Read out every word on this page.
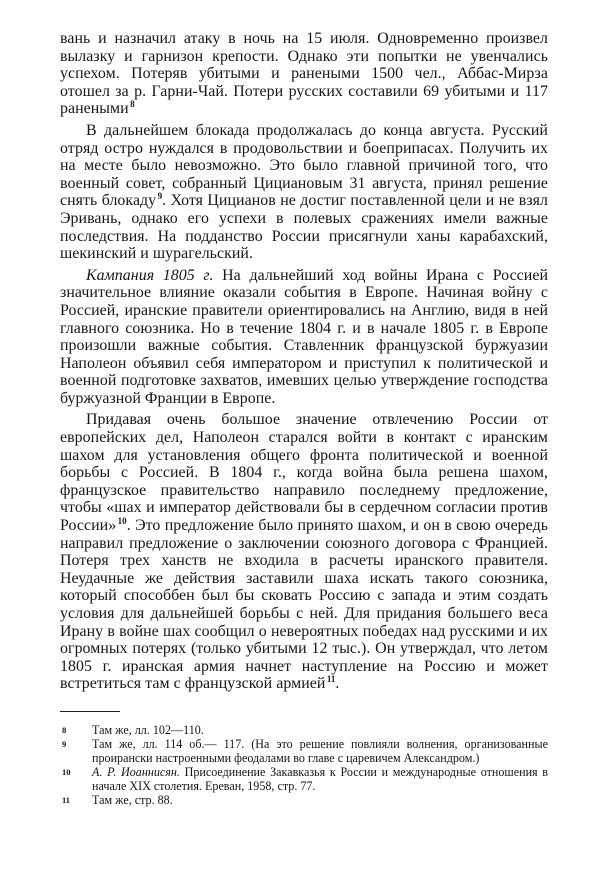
вань и назначил атаку в ночь на 15 июля. Одновременно произвел вылазку и гарнизон крепости. Однако эти попытки не увенчались успехом. Потеряв убитыми и ранеными 1500 чел., Аббас-Мирза отошел за р. Гарни-Чай. Потери русских составили 69 убитыми и 117 ранеными $^8$

В дальнейшем блокада продолжалась до конца августа. Русский отряд остро нуждался в продовольствии и боеприпасах. Получить их на месте было невозможно. Это было главной причиной того, что военный совет, собранный Цициановым 31 августа, принял решение снять блокаду $^9$. Хотя Цицианов не достиг поставленной цели и не взял Эривань, однако его успехи в полевых сражениях имели важные последствия. На подданство России присягнули ханы карабахский, шекинский и шурагельский.

Кампания 1805 г. На дальнейший ход войны Ирана с Россией значительное влияние оказали события в Европе. Начиная войну с Россией, иранские правители ориентировались на Англию, видя в ней главного союзника. Но в течение 1804 г. и в начале 1805 г. в Европе произошли важные события. Ставленник французской буржуазии Наполеон объявил себя императором и приступил к политической и военной подготовке захватов, имевших целью утверждение господства буржуазной Франции в Европе.

Придавая очень большое значение отвлечению России от европейских дел, Наполеон старался войти в контакт с иранским шахом для установления общего фронта политической и военной борьбы с Россией. В 1804 г., когда война была решена шахом, французское правительство направило последнему предложение, чтобы «шах и император действовали бы в сердечном согласии против России» $^{10}$. Это предложение было принято шахом, и он в свою очередь направил предложение о заключении союзного договора с Францией. Потеря трех ханств не входила в расчеты иранского правителя. Неудачные же действия заставили шаха искать такого союзника, который способбен был бы сковать Россию с запада и этим создать условия для дальнейшей борьбы с ней. Для придания большего веса Ирану в войне шах сообщил о невероятных победах над русскими и их огромных потерях (только убитыми 12 тыс.). Он утверждал, что летом 1805 г. иранская армия начнет наступление на Россию и может встретиться там с французской армией $^{11}$.

8 Там же, лл. 102—110.
9 Там же, лл. 114 об.— 117. (На это решение повлияли волнения, организованные проирански настроенными феодалами во главе с царевичем Александром.)
10 А. Р. Иоаннисян. Присоединение Закавказья к России и международные отношения в начале XIX столетия. Ереван, 1958, стр. 77.
11 Там же, стр. 88.
